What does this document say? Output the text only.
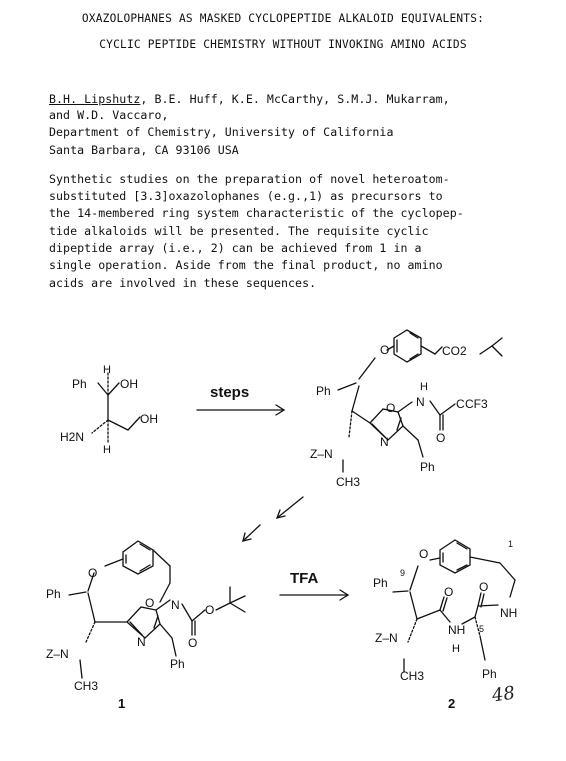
OXAZOLOPHANES AS MASKED CYCLOPEPTIDE ALKALOID EQUIVALENTS:
CYCLIC PEPTIDE CHEMISTRY WITHOUT INVOKING AMINO ACIDS
B.H. Lipshutz, B.E. Huff, K.E. McCarthy, S.M.J. Mukarram,
and W.D. Vaccaro,
Department of Chemistry, University of California
Santa Barbara, CA 93106 USA
Synthetic studies on the preparation of novel heteroatom-
substituted [3.3]oxazolophanes (e.g.,1) as precursors to
the 14-membered ring system characteristic of the cyclopep-
tide alkaloids will be presented. The requisite cyclic
dipeptide array (i.e., 2) can be achieved from 1 in a
single operation. Aside from the final product, no amino
acids are involved in these sequences.
Ph
H
OH
OH
H2N
H
steps
O	CO2
Ph
O
H
N	C CF3
O
N
Z–N
CH3
Ph
O
Ph
O N O
O
N
Z–N
CH3
Ph
1
TFA
O
1
Ph
9
O O
NH
NH
H
5
Z–N
CH3	Ph
2 48
